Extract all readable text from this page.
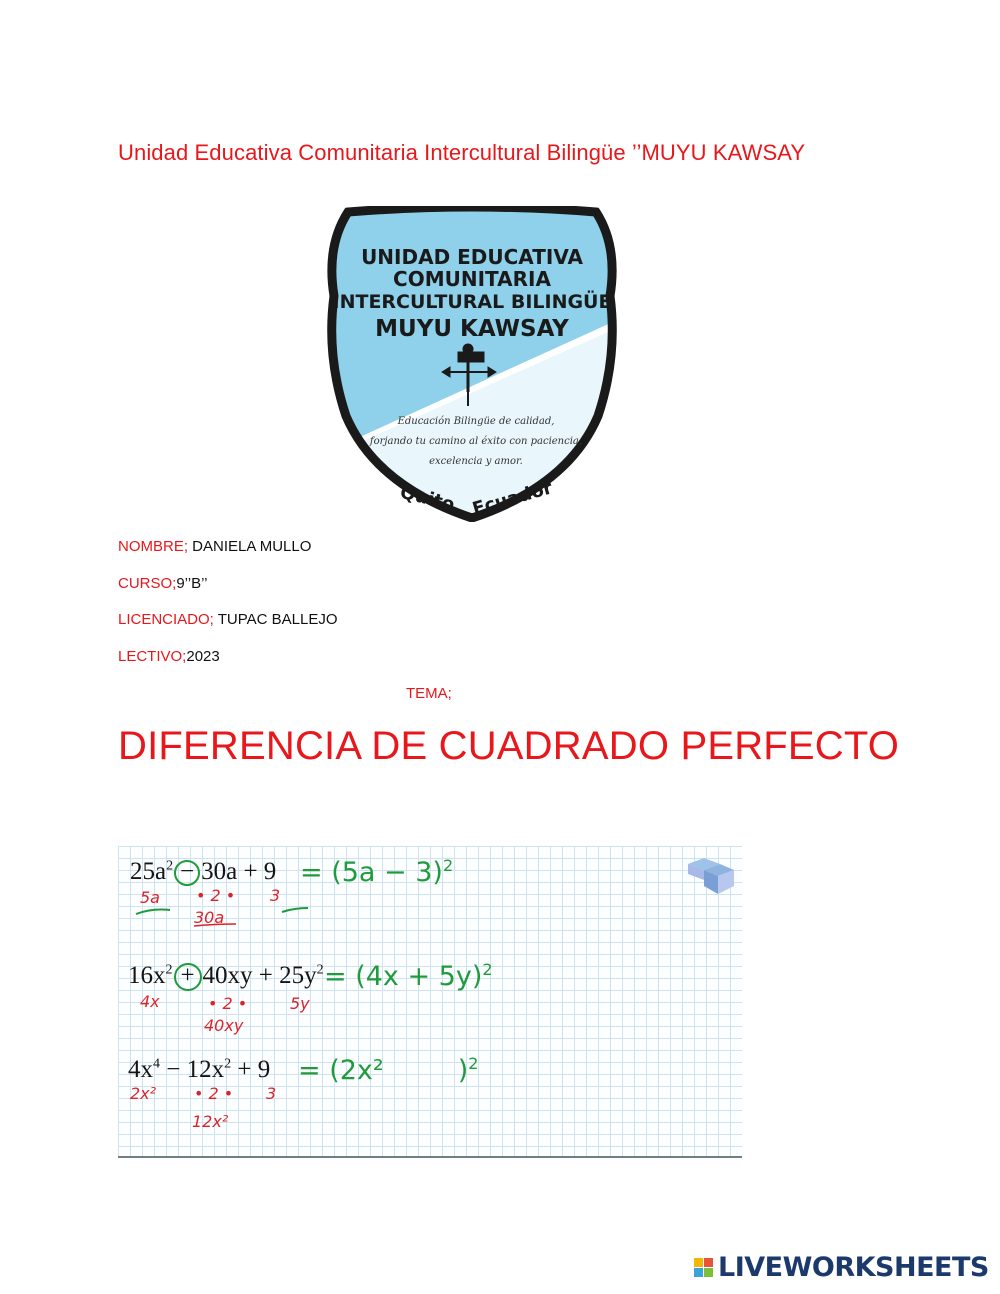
Unidad Educativa Comunitaria Intercultural Bilingüe ’’MUYU KAWSAY
UNIDAD EDUCATIVA
COMUNITARIA
INTERCULTURAL BILINGÜE
MUYU KAWSAY
Educación Bilingüe de calidad,
forjando tu camino al éxito con paciencia,
excelencia y amor.
Quito Ecuador
NOMBRE; DANIELA MULLO
CURSO;9’’B’’
LICENCIADO; TUPAC BALLEJO
LECTIVO;2023
TEMA;
DIFERENCIA DE CUADRADO PERFECTO
$25a^2 - 30a + 9 = (5a - 3)^2$
5a • 2 • 3
30a
$16x^2 + 40xy + 25y^2 = (4x + 5y)^2$
4x	• 2 •	5y
40xy
$4x^4 - 12x^2 + 9 = (2x^2$	)$^2$
2x² • 2 • 3
12x²
LIVEWORKSHEETS
